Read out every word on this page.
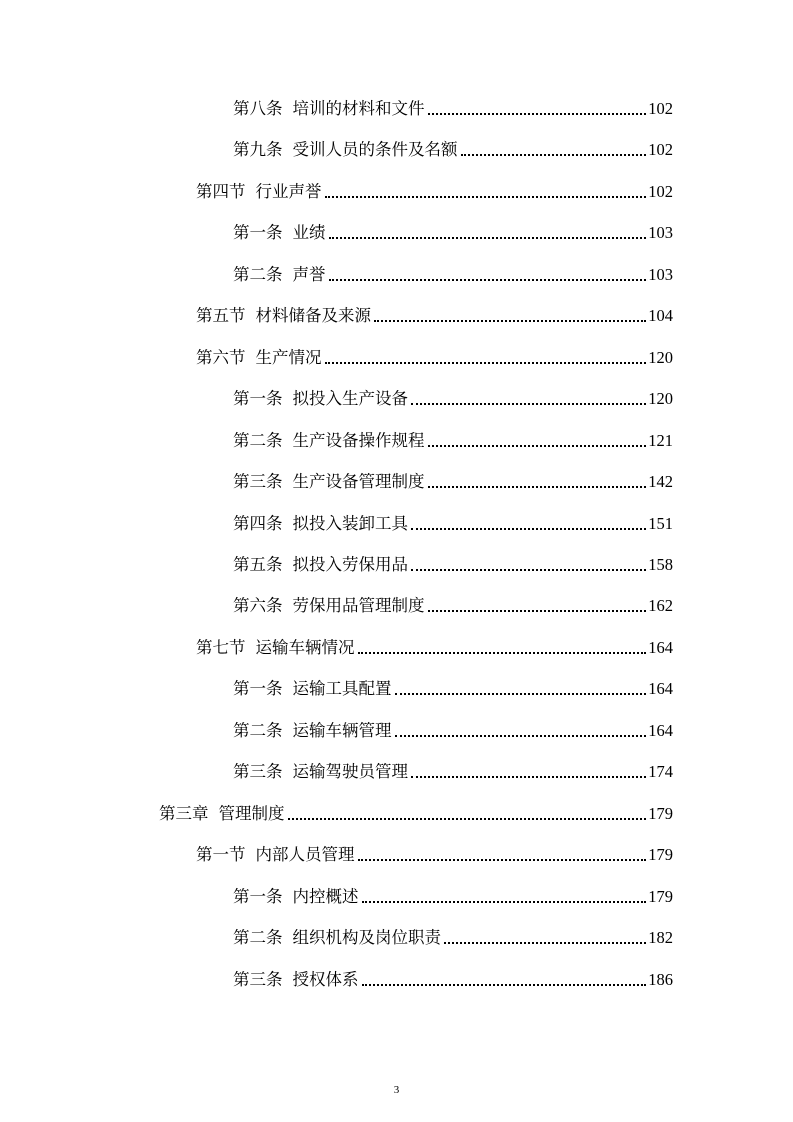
第八条 培训的材料和文件	102
第九条 受训人员的条件及名额	102
第四节 行业声誉	102
第一条 业绩	103
第二条 声誉	103
第五节 材料储备及来源	104
第六节 生产情况	120
第一条 拟投入生产设备	120
第二条 生产设备操作规程	121
第三条 生产设备管理制度	142
第四条 拟投入装卸工具	151
第五条 拟投入劳保用品	158
第六条 劳保用品管理制度	162
第七节 运输车辆情况	164
第一条 运输工具配置	164
第二条 运输车辆管理	164
第三条 运输驾驶员管理	174
第三章 管理制度	179
第一节 内部人员管理	179
第一条 内控概述	179
第二条 组织机构及岗位职责	182
第三条 授权体系	186
3
